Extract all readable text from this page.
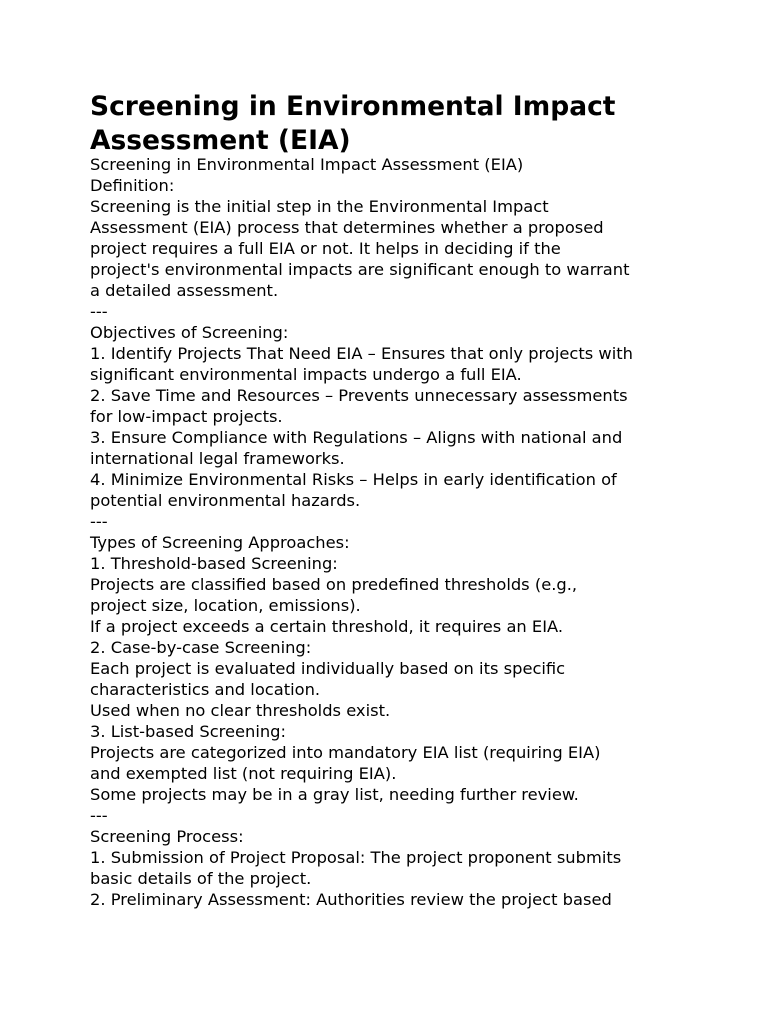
Screening in Environmental Impact
Assessment (EIA)
Screening in Environmental Impact Assessment (EIA)
Definition:
Screening is the initial step in the Environmental Impact
Assessment (EIA) process that determines whether a proposed
project requires a full EIA or not. It helps in deciding if the
project's environmental impacts are significant enough to warrant
a detailed assessment.
---
Objectives of Screening:
1. Identify Projects That Need EIA – Ensures that only projects with
significant environmental impacts undergo a full EIA.
2. Save Time and Resources – Prevents unnecessary assessments
for low-impact projects.
3. Ensure Compliance with Regulations – Aligns with national and
international legal frameworks.
4. Minimize Environmental Risks – Helps in early identification of
potential environmental hazards.
---
Types of Screening Approaches:
1. Threshold-based Screening:
Projects are classified based on predefined thresholds (e.g.,
project size, location, emissions).
If a project exceeds a certain threshold, it requires an EIA.
2. Case-by-case Screening:
Each project is evaluated individually based on its specific
characteristics and location.
Used when no clear thresholds exist.
3. List-based Screening:
Projects are categorized into mandatory EIA list (requiring EIA)
and exempted list (not requiring EIA).
Some projects may be in a gray list, needing further review.
---
Screening Process:
1. Submission of Project Proposal: The project proponent submits
basic details of the project.
2. Preliminary Assessment: Authorities review the project based
